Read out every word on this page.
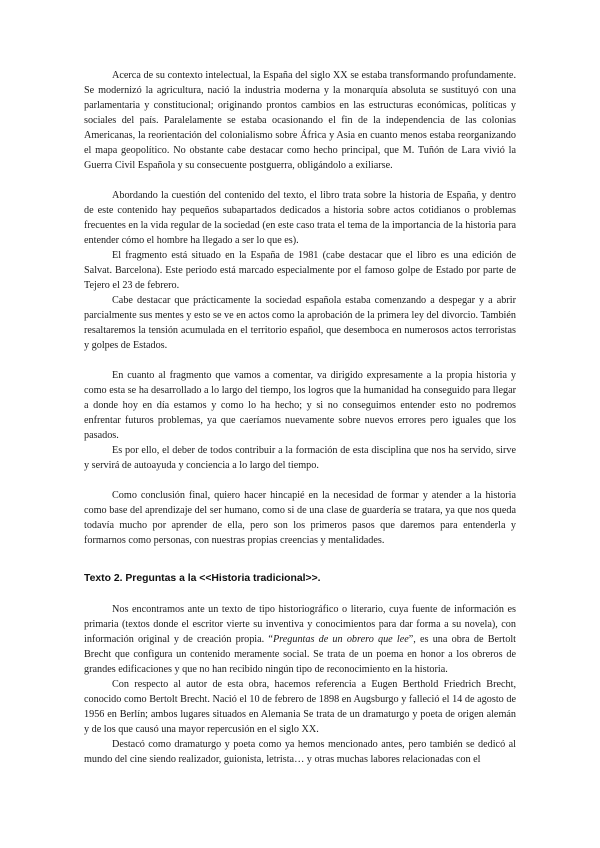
Acerca de su contexto intelectual, la España del siglo XX se estaba transformando profundamente. Se modernizó la agricultura, nació la industria moderna y la monarquía absoluta se sustituyó con una parlamentaria y constitucional; originando prontos cambios en las estructuras económicas, políticas y sociales del país. Paralelamente se estaba ocasionando el fin de la independencia de las colonias Americanas, la reorientación del colonialismo sobre África y Asia en cuanto menos estaba reorganizando el mapa geopolítico. No obstante cabe destacar como hecho principal, que M. Tuñón de Lara vivió la Guerra Civil Española y su consecuente postguerra, obligándolo a exiliarse.

Abordando la cuestión del contenido del texto, el libro trata sobre la historia de España, y dentro de este contenido hay pequeños subapartados dedicados a historia sobre actos cotidianos o problemas frecuentes en la vida regular de la sociedad (en este caso trata el tema de la importancia de la historia para entender cómo el hombre ha llegado a ser lo que es).

El fragmento está situado en la España de 1981 (cabe destacar que el libro es una edición de Salvat. Barcelona). Este periodo está marcado especialmente por el famoso golpe de Estado por parte de Tejero el 23 de febrero.

Cabe destacar que prácticamente la sociedad española estaba comenzando a despegar y a abrir parcialmente sus mentes y esto se ve en actos como la aprobación de la primera ley del divorcio. También resaltaremos la tensión acumulada en el territorio español, que desemboca en numerosos actos terroristas y golpes de Estados.

En cuanto al fragmento que vamos a comentar, va dirigido expresamente a la propia historia y como esta se ha desarrollado a lo largo del tiempo, los logros que la humanidad ha conseguido para llegar a donde hoy en día estamos y como lo ha hecho; y si no conseguimos entender esto no podremos enfrentar futuros problemas, ya que caeríamos nuevamente sobre nuevos errores pero iguales que los pasados.

Es por ello, el deber de todos contribuir a la formación de esta disciplina que nos ha servido, sirve y servirá de autoayuda y conciencia a lo largo del tiempo.

Como conclusión final, quiero hacer hincapié en la necesidad de formar y atender a la historia como base del aprendizaje del ser humano, como si de una clase de guardería se tratara, ya que nos queda todavía mucho por aprender de ella, pero son los primeros pasos que daremos para entenderla y formarnos como personas, con nuestras propias creencias y mentalidades.

Texto 2. Preguntas a la <<Historia tradicional>>.

Nos encontramos ante un texto de tipo historiográfico o literario, cuya fuente de información es primaria (textos donde el escritor vierte su inventiva y conocimientos para dar forma a su novela), con información original y de creación propia. “Preguntas de un obrero que lee”, es una obra de Bertolt Brecht que configura un contenido meramente social. Se trata de un poema en honor a los obreros de grandes edificaciones y que no han recibido ningún tipo de reconocimiento en la historia.

Con respecto al autor de esta obra, hacemos referencia a Eugen Berthold Friedrich Brecht, conocido como Bertolt Brecht. Nació el 10 de febrero de 1898 en Augsburgo y falleció el 14 de agosto de 1956 en Berlín; ambos lugares situados en Alemania Se trata de un dramaturgo y poeta de origen alemán y de los que causó una mayor repercusión en el siglo XX.

Destacó como dramaturgo y poeta como ya hemos mencionado antes, pero también se dedicó al mundo del cine siendo realizador, guionista, letrista… y otras muchas labores relacionadas con el
